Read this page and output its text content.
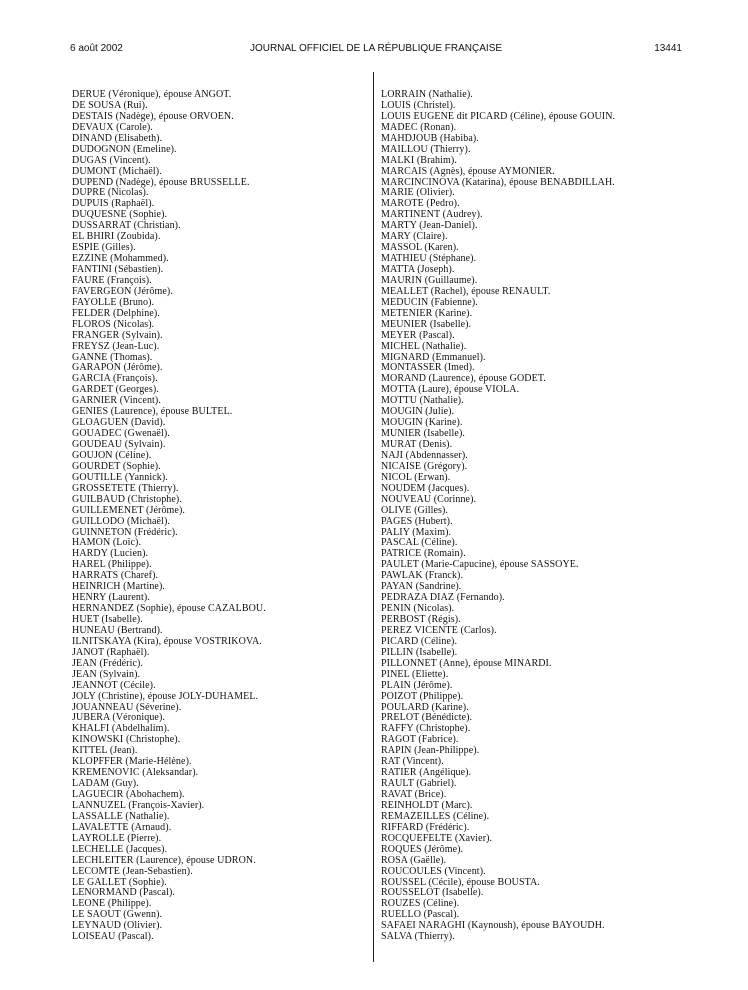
6 août 2002	JOURNAL OFFICIEL DE LA RÉPUBLIQUE FRANÇAISE	13441
DERUE (Véronique), épouse ANGOT.
DE SOUSA (Rui).
DESTAIS (Nadège), épouse ORVOEN.
DEVAUX (Carole).
DINAND (Elisabeth).
DUDOGNON (Emeline).
DUGAS (Vincent).
DUMONT (Michaël).
DUPEND (Nadège), épouse BRUSSELLE.
DUPRE (Nicolas).
DUPUIS (Raphaël).
DUQUESNE (Sophie).
DUSSARRAT (Christian).
EL BHIRI (Zoubida).
ESPIE (Gilles).
EZZINE (Mohammed).
FANTINI (Sébastien).
FAURE (François).
FAVERGEON (Jérôme).
FAYOLLE (Bruno).
FELDER (Delphine).
FLOROS (Nicolas).
FRANGER (Sylvain).
FREYSZ (Jean-Luc).
GANNE (Thomas).
GARAPON (Jérôme).
GARCIA (François).
GARDET (Georges).
GARNIER (Vincent).
GENIES (Laurence), épouse BULTEL.
GLOAGUEN (David).
GOUADEC (Gwenaël).
GOUDEAU (Sylvain).
GOUJON (Céline).
GOURDET (Sophie).
GOUTILLE (Yannick).
GROSSETETE (Thierry).
GUILBAUD (Christophe).
GUILLEMENET (Jérôme).
GUILLODO (Michaël).
GUINNETON (Frédéric).
HAMON (Loïc).
HARDY (Lucien).
HAREL (Philippe).
HARRATS (Charef).
HEINRICH (Martine).
HENRY (Laurent).
HERNANDEZ (Sophie), épouse CAZALBOU.
HUET (Isabelle).
HUNEAU (Bertrand).
ILNITSKAYA (Kira), épouse VOSTRIKOVA.
JANOT (Raphaël).
JEAN (Frédéric).
JEAN (Sylvain).
JEANNOT (Cécile).
JOLY (Christine), épouse JOLY-DUHAMEL.
JOUANNEAU (Séverine).
JUBERA (Véronique).
KHALFI (Abdelhalim).
KINOWSKI (Christophe).
KITTEL (Jean).
KLOPFFER (Marie-Hélène).
KREMENOVIC (Aleksandar).
LADAM (Guy).
LAGUECIR (Abohachem).
LANNUZEL (François-Xavier).
LASSALLE (Nathalie).
LAVALETTE (Arnaud).
LAYROLLE (Pierre).
LECHELLE (Jacques).
LECHLEITER (Laurence), épouse UDRON.
LECOMTE (Jean-Sebastien).
LE GALLET (Sophie).
LENORMAND (Pascal).
LEONE (Philippe).
LE SAOUT (Gwenn).
LEYNAUD (Olivier).
LOISEAU (Pascal).
LORRAIN (Nathalie).
LOUIS (Christel).
LOUIS EUGENE dit PICARD (Céline), épouse GOUIN.
MADEC (Ronan).
MAHDJOUB (Habiba).
MAILLOU (Thierry).
MALKI (Brahim).
MARCAIS (Agnès), épouse AYMONIER.
MARCINCINOVA (Katarina), épouse BENABDILLAH.
MARIE (Olivier).
MAROTE (Pedro).
MARTINENT (Audrey).
MARTY (Jean-Daniel).
MARY (Claire).
MASSOL (Karen).
MATHIEU (Stéphane).
MATTA (Joseph).
MAURIN (Guillaume).
MEALLET (Rachel), épouse RENAULT.
MEDUCIN (Fabienne).
METENIER (Karine).
MEUNIER (Isabelle).
MEYER (Pascal).
MICHEL (Nathalie).
MIGNARD (Emmanuel).
MONTASSER (Imed).
MORAND (Laurence), épouse GODET.
MOTTA (Laure), épouse VIOLA.
MOTTU (Nathalie).
MOUGIN (Julie).
MOUGIN (Karine).
MUNIER (Isabelle).
MURAT (Denis).
NAJI (Abdennasser).
NICAISE (Grégory).
NICOL (Erwan).
NOUDEM (Jacques).
NOUVEAU (Corinne).
OLIVE (Gilles).
PAGES (Hubert).
PALIY (Maxim).
PASCAL (Céline).
PATRICE (Romain).
PAULET (Marie-Capucine), épouse SASSOYE.
PAWLAK (Franck).
PAYAN (Sandrine).
PEDRAZA DIAZ (Fernando).
PENIN (Nicolas).
PERBOST (Régis).
PEREZ VICENTE (Carlos).
PICARD (Céline).
PILLIN (Isabelle).
PILLONNET (Anne), épouse MINARDI.
PINEL (Eliette).
PLAIN (Jérôme).
POIZOT (Philippe).
POULARD (Karine).
PRELOT (Bénédicte).
RAFFY (Christophe).
RAGOT (Fabrice).
RAPIN (Jean-Philippe).
RAT (Vincent).
RATIER (Angélique).
RAULT (Gabriel).
RAVAT (Brice).
REINHOLDT (Marc).
REMAZEILLES (Céline).
RIFFARD (Frédéric).
ROCQUEFELTE (Xavier).
ROQUES (Jérôme).
ROSA (Gaëlle).
ROUCOULES (Vincent).
ROUSSEL (Cécile), épouse BOUSTA.
ROUSSELOT (Isabelle).
ROUZES (Céline).
RUELLO (Pascal).
SAFAEI NARAGHI (Kaynoush), épouse BAYOUDH.
SALVA (Thierry).
